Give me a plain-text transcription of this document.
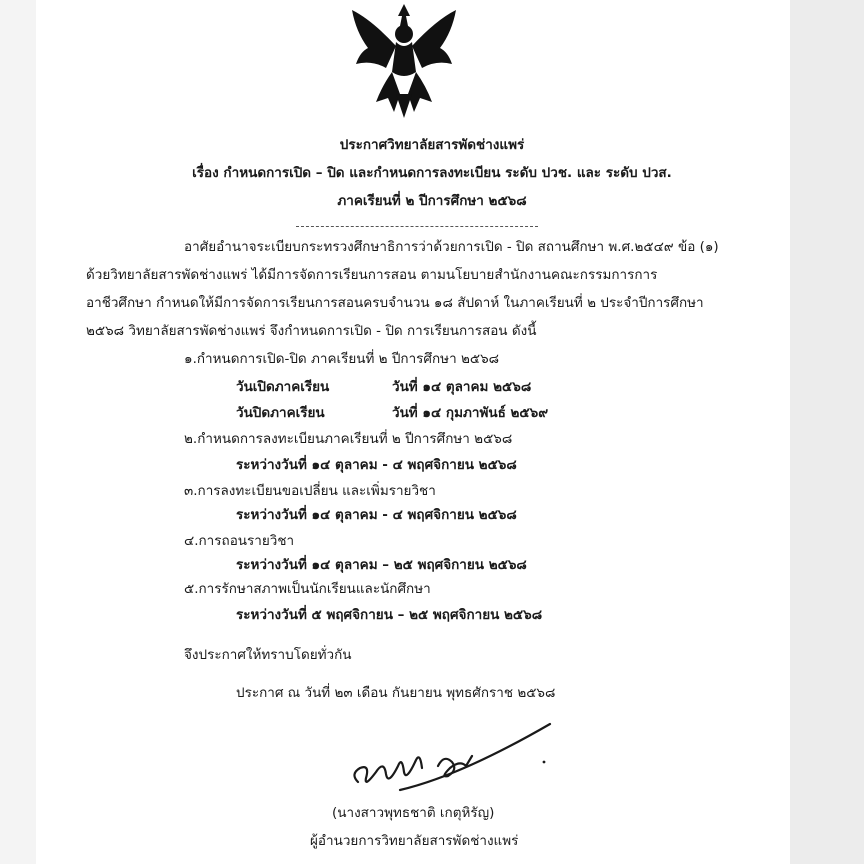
ประกาศวิทยาลัยสารพัดช่างแพร่
เรื่อง กำหนดการเปิด – ปิด และกำหนดการลงทะเบียน ระดับ ปวช. และ ระดับ ปวส.
ภาคเรียนที่ ๒ ปีการศึกษา ๒๕๖๘
อาศัยอำนาจระเบียบกระทรวงศึกษาธิการว่าด้วยการเปิด - ปิด สถานศึกษา พ.ศ.๒๕๔๙ ข้อ (๑)
ด้วยวิทยาลัยสารพัดช่างแพร่ ได้มีการจัดการเรียนการสอน ตามนโยบายสำนักงานคณะกรรมการการ
อาชีวศึกษา กำหนดให้มีการจัดการเรียนการสอนครบจำนวน ๑๘ สัปดาห์ ในภาคเรียนที่ ๒ ประจำปีการศึกษา
๒๕๖๘ วิทยาลัยสารพัดช่างแพร่ จึงกำหนดการเปิด - ปิด การเรียนการสอน ดังนี้
๑.กำหนดการเปิด-ปิด ภาคเรียนที่ ๒ ปีการศึกษา ๒๕๖๘
วันเปิดภาคเรียน	วันที่ ๑๔ ตุลาคม ๒๕๖๘
วันปิดภาคเรียน	วันที่ ๑๔ กุมภาพันธ์ ๒๕๖๙
๒.กำหนดการลงทะเบียนภาคเรียนที่ ๒ ปีการศึกษา ๒๕๖๘
ระหว่างวันที่ ๑๔ ตุลาคม - ๔ พฤศจิกายน ๒๕๖๘
๓.การลงทะเบียนขอเปลี่ยน และเพิ่มรายวิชา
ระหว่างวันที่ ๑๔ ตุลาคม - ๔ พฤศจิกายน ๒๕๖๘
๔.การถอนรายวิชา
ระหว่างวันที่ ๑๔ ตุลาคม – ๒๕ พฤศจิกายน ๒๕๖๘
๕.การรักษาสภาพเป็นนักเรียนและนักศึกษา
ระหว่างวันที่ ๕ พฤศจิกายน – ๒๕ พฤศจิกายน ๒๕๖๘
จึงประกาศให้ทราบโดยทั่วกัน
ประกาศ ณ วันที่ ๒๓ เดือน กันยายน พุทธศักราช ๒๕๖๘
(นางสาวพุทธชาติ เกตุหิรัญ)
ผู้อำนวยการวิทยาลัยสารพัดช่างแพร่
